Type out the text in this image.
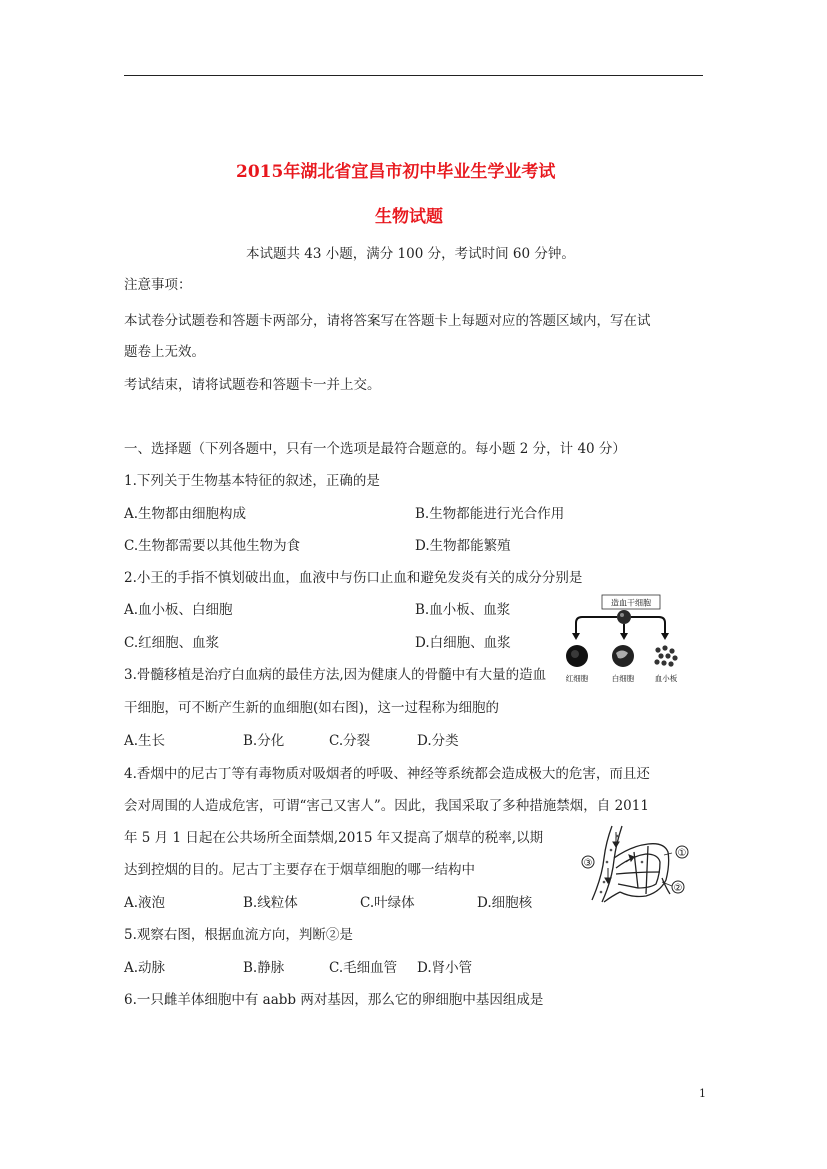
2015年湖北省宜昌市初中毕业生学业考试
生物试题
本试题共 43 小题，满分 100 分，考试时间 60 分钟。
注意事项：
本试卷分试题卷和答题卡两部分，请将答案写在答题卡上每题对应的答题区域内，写在试
题卷上无效。
考试结束，请将试题卷和答题卡一并上交。
一、选择题（下列各题中，只有一个选项是最符合题意的。每小题 2 分，计 40 分）
1.下列关于生物基本特征的叙述，正确的是
A.生物都由细胞构成	B.生物都能进行光合作用
C.生物都需要以其他生物为食	D.生物都能繁殖
2.小王的手指不慎划破出血，血液中与伤口止血和避免发炎有关的成分分别是
A.血小板、白细胞	B.血小板、血浆
C.红细胞、血浆	D.白细胞、血浆
3.骨髓移植是治疗白血病的最佳方法,因为健康人的骨髓中有大量的造血
干细胞，可不断产生新的血细胞(如右图)，这一过程称为细胞的
A.生长	B.分化	C.分裂	D.分类
4.香烟中的尼古丁等有毒物质对吸烟者的呼吸、神经等系统都会造成极大的危害，而且还
会对周围的人造成危害，可谓“害己又害人”。因此，我国采取了多种措施禁烟，自 2011
年 5 月 1 日起在公共场所全面禁烟,2015 年又提高了烟草的税率,以期
达到控烟的目的。尼古丁主要存在于烟草细胞的哪一结构中
A.液泡	B.线粒体	C.叶绿体	D.细胞核
5.观察右图，根据血流方向，判断②是
A.动脉	B.静脉	C.毛细血管 D.肾小管
6.一只雌羊体细胞中有 aabb 两对基因，那么它的卵细胞中基因组成是
造血干细胞
红细胞	白细胞	血小板
③
①
②
1
